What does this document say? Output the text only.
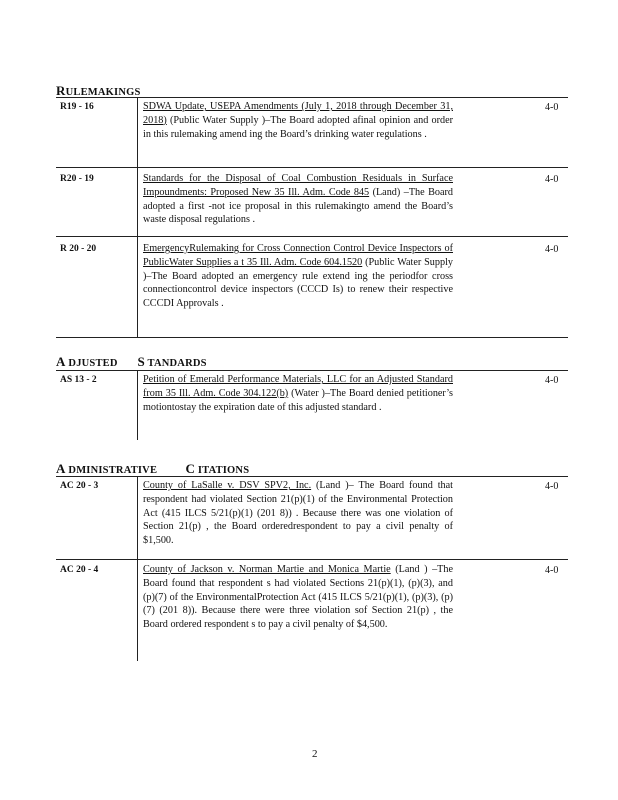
RULEMAKINGS
R19 - 16	SDWA Update, USEPA Amendments (July 1, 2018 through December 31, 2018) (Public Water Supply )–The Board adopted afinal opinion and order in this rulemaking amend ing the Board’s drinking water regulations .
4-0
R20 - 19	Standards for the Disposal of Coal Combustion Residuals in Surface Impoundments: Proposed New 35 Ill. Adm. Code 845 (Land) –The Board adopted a first -not ice proposal in this rulemakingto amend the Board’s waste disposal regulations .
4-0
R 20 - 20	EmergencyRulemaking for Cross Connection Control Device Inspectors of PublicWater Supplies a t 35 Ill. Adm. Code 604.1520 (Public Water Supply )–The Board adopted an emergency rule extend ing the periodfor cross connectioncontrol device inspectors (CCCD Is) to renew their respective CCCDI Approvals .
4-0
A DJUSTED S TANDARDS
AS 13 - 2	Petition of Emerald Performance Materials, LLC for an Adjusted Standard from 35 Ill. Adm. Code 304.122(b) (Water )–The Board denied petitioner’s motiontostay the expiration date of this adjusted standard .
4-0
A DMINISTRATIVE C ITATIONS
AC 20 - 3	County of LaSalle v. DSV SPV2, Inc. (Land )– The Board found that respondent had violated Section 21(p)(1) of the Environmental Protection Act (415 ILCS 5/21(p)(1) (201 8)) . Because there was one violation of Section 21(p) , the Board orderedrespondent to pay a civil penalty of $1,500.
4-0
AC 20 - 4	County of Jackson v. Norman Martie and Monica Martie (Land ) –The Board found that respondent s had violated Sections 21(p)(1), (p)(3), and (p)(7) of the EnvironmentalProtection Act (415 ILCS 5/21(p)(1), (p)(3), (p)(7) (201 8)). Because there were three violation sof Section 21(p) , the Board ordered respondent s to pay a civil penalty of $4,500.
4-0
2
